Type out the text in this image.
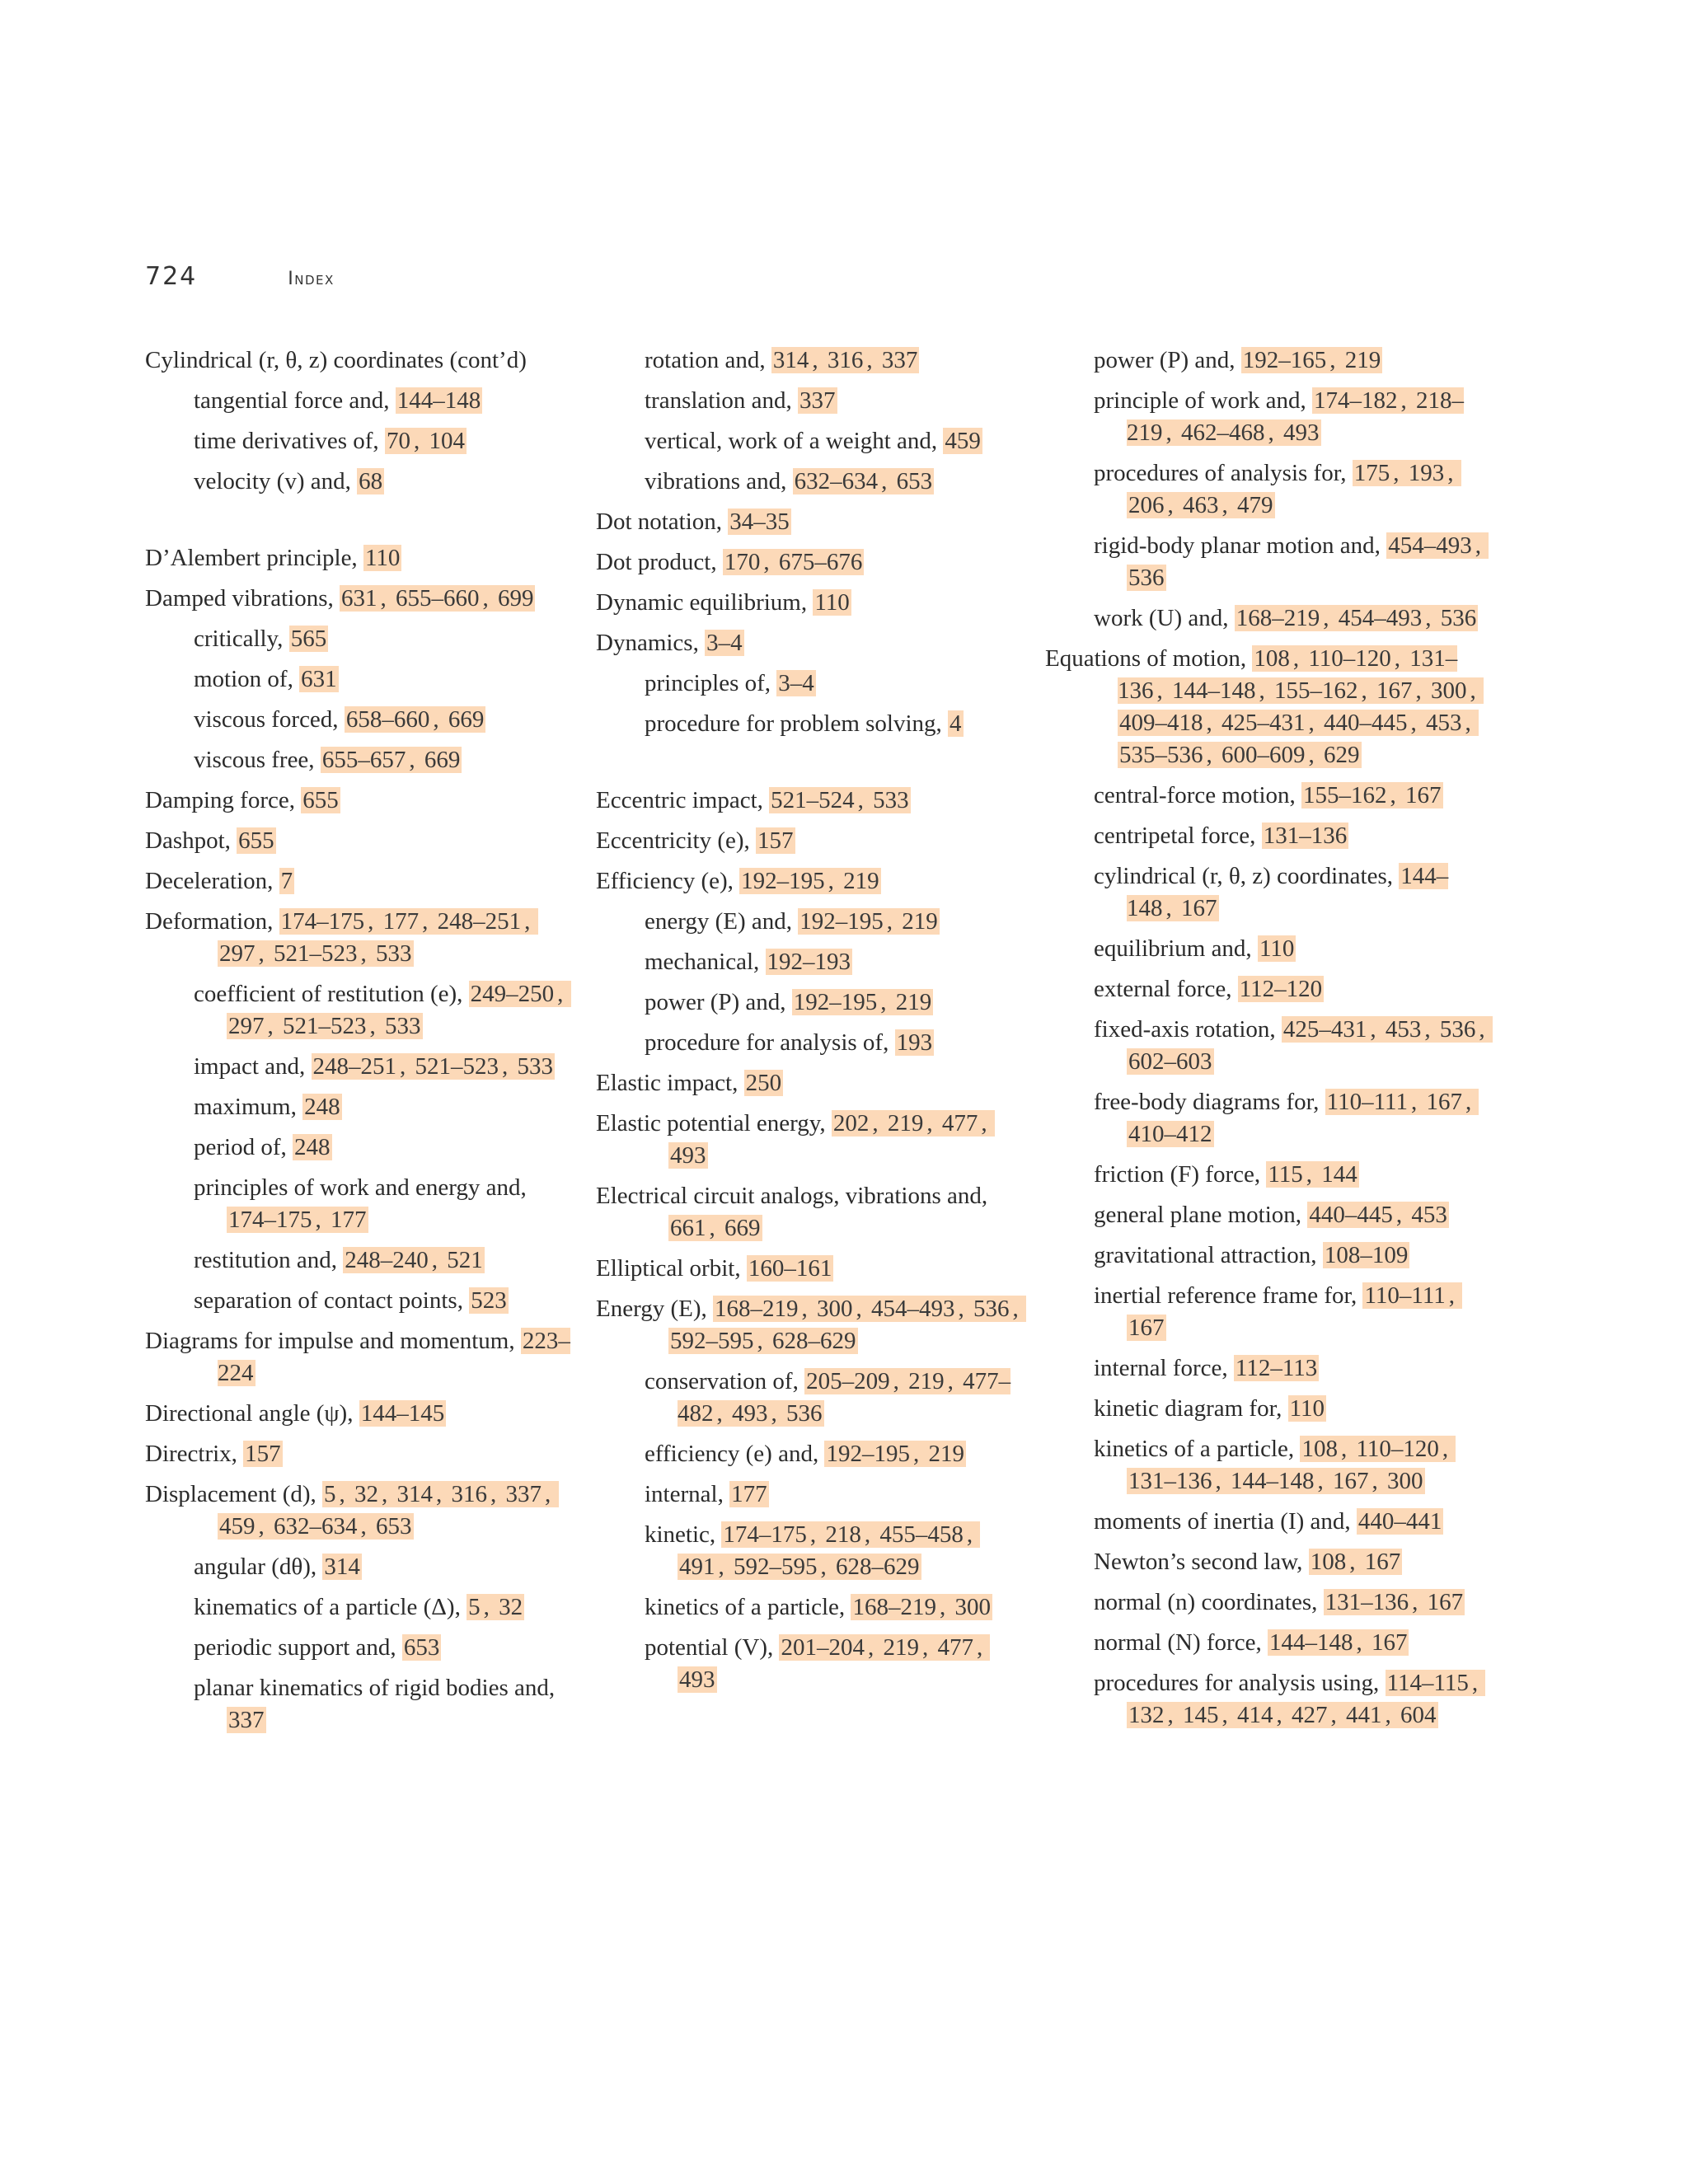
724	index
Cylindrical (r, θ, z) coordinates (cont’d)
tangential force and, 144–148
time derivatives of, 70 , 104
velocity (v) and, 68
D’Alembert principle, 110
Damped vibrations, 631 , 655–660 , 699
critically, 565
motion of, 631
viscous forced, 658–660 , 669
viscous free, 655–657 , 669
Damping force, 655
Dashpot, 655
Deceleration, 7
Deformation, 174–175 , 177 , 248–251 , 297 , 521–523 , 533
coefficient of restitution (e), 249–250 , 297 , 521–523 , 533
impact and, 248–251 , 521–523 , 533
maximum, 248
period of, 248
principles of work and energy and, 174–175 , 177
restitution and, 248–240 , 521
separation of contact points, 523
Diagrams for impulse and momentum, 223–224
Directional angle (ψ), 144–145
Directrix, 157
Displacement (d), 5 , 32 , 314 , 316 , 337 , 459 , 632–634 , 653
angular (dθ), 314
kinematics of a particle (Δ), 5 , 32
periodic support and, 653
planar kinematics of rigid bodies and, 337
rotation and, 314 , 316 , 337
translation and, 337
vertical, work of a weight and, 459
vibrations and, 632–634 , 653
Dot notation, 34–35
Dot product, 170 , 675–676
Dynamic equilibrium, 110
Dynamics, 3–4
principles of, 3–4
procedure for problem solving, 4
Eccentric impact, 521–524 , 533
Eccentricity (e), 157
Efficiency (e), 192–195 , 219
energy (E) and, 192–195 , 219
mechanical, 192–193
power (P) and, 192–195 , 219
procedure for analysis of, 193
Elastic impact, 250
Elastic potential energy, 202 , 219 , 477 , 493
Electrical circuit analogs, vibrations and, 661 , 669
Elliptical orbit, 160–161
Energy (E), 168–219 , 300 , 454–493 , 536 , 592–595 , 628–629
conservation of, 205–209 , 219 , 477–482 , 493 , 536
efficiency (e) and, 192–195 , 219
internal, 177
kinetic, 174–175 , 218 , 455–458 , 491 , 592–595 , 628–629
kinetics of a particle, 168–219 , 300
potential (V), 201–204 , 219 , 477 , 493
power (P) and, 192–165 , 219
principle of work and, 174–182 , 218–219 , 462–468 , 493
procedures of analysis for, 175 , 193 , 206 , 463 , 479
rigid-body planar motion and, 454–493 , 536
work (U) and, 168–219 , 454–493 , 536
Equations of motion, 108 , 110–120 , 131–136 , 144–148 , 155–162 , 167 , 300 , 409–418 , 425–431 , 440–445 , 453 , 535–536 , 600–609 , 629
central-force motion, 155–162 , 167
centripetal force, 131–136
cylindrical (r, θ, z) coordinates, 144–148 , 167
equilibrium and, 110
external force, 112–120
fixed-axis rotation, 425–431 , 453 , 536 , 602–603
free-body diagrams for, 110–111 , 167 , 410–412
friction (F) force, 115 , 144
general plane motion, 440–445 , 453
gravitational attraction, 108–109
inertial reference frame for, 110–111 , 167
internal force, 112–113
kinetic diagram for, 110
kinetics of a particle, 108 , 110–120 , 131–136 , 144–148 , 167 , 300
moments of inertia (I) and, 440–441
Newton’s second law, 108 , 167
normal (n) coordinates, 131–136 , 167
normal (N) force, 144–148 , 167
procedures for analysis using, 114–115 , 132 , 145 , 414 , 427 , 441 , 604
